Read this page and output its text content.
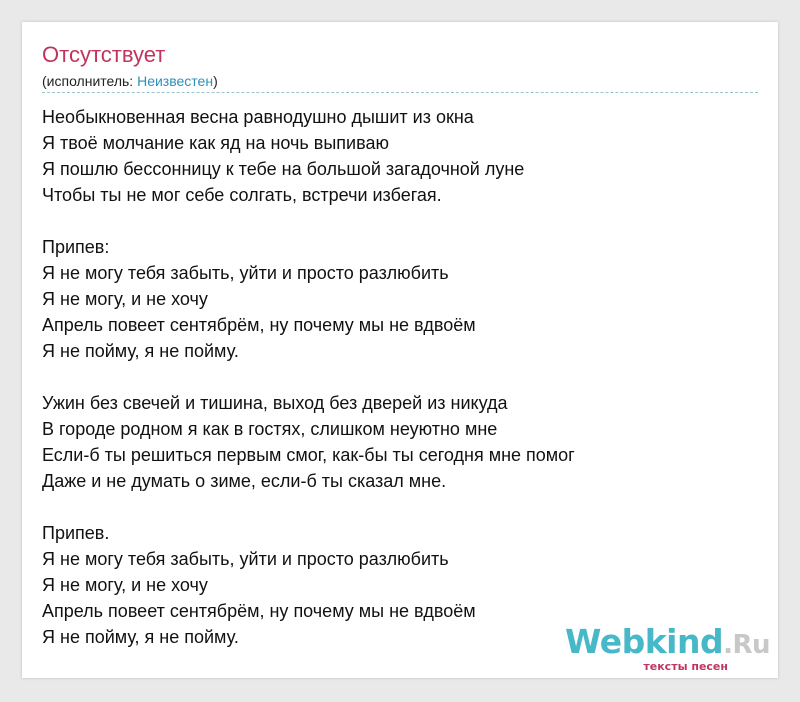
Отсутствует
(исполнитель: Неизвестен)
Необыкновенная весна равнодушно дышит из окна
Я твоё молчание как яд на ночь выпиваю
Я пошлю бессонницу к тебе на большой загадочной луне
Чтобы ты не мог себе солгать, встречи избегая.
Припев:
Я не могу тебя забыть, уйти и просто разлюбить
Я не могу, и не хочу
Апрель повеет сентябрём, ну почему мы не вдвоём
Я не пойму, я не пойму.
Ужин без свечей и тишина, выход без дверей из никуда
В городе родном я как в гостях, слишком неуютно мне
Если-б ты решиться первым смог, как-бы ты сегодня мне помог
Даже и не думать о зиме, если-б ты сказал мне.
Припев.
Я не могу тебя забыть, уйти и просто разлюбить
Я не могу, и не хочу
Апрель повеет сентябрём, ну почему мы не вдвоём
Я не пойму, я не пойму.	Webkind.Ru
тексты песен
